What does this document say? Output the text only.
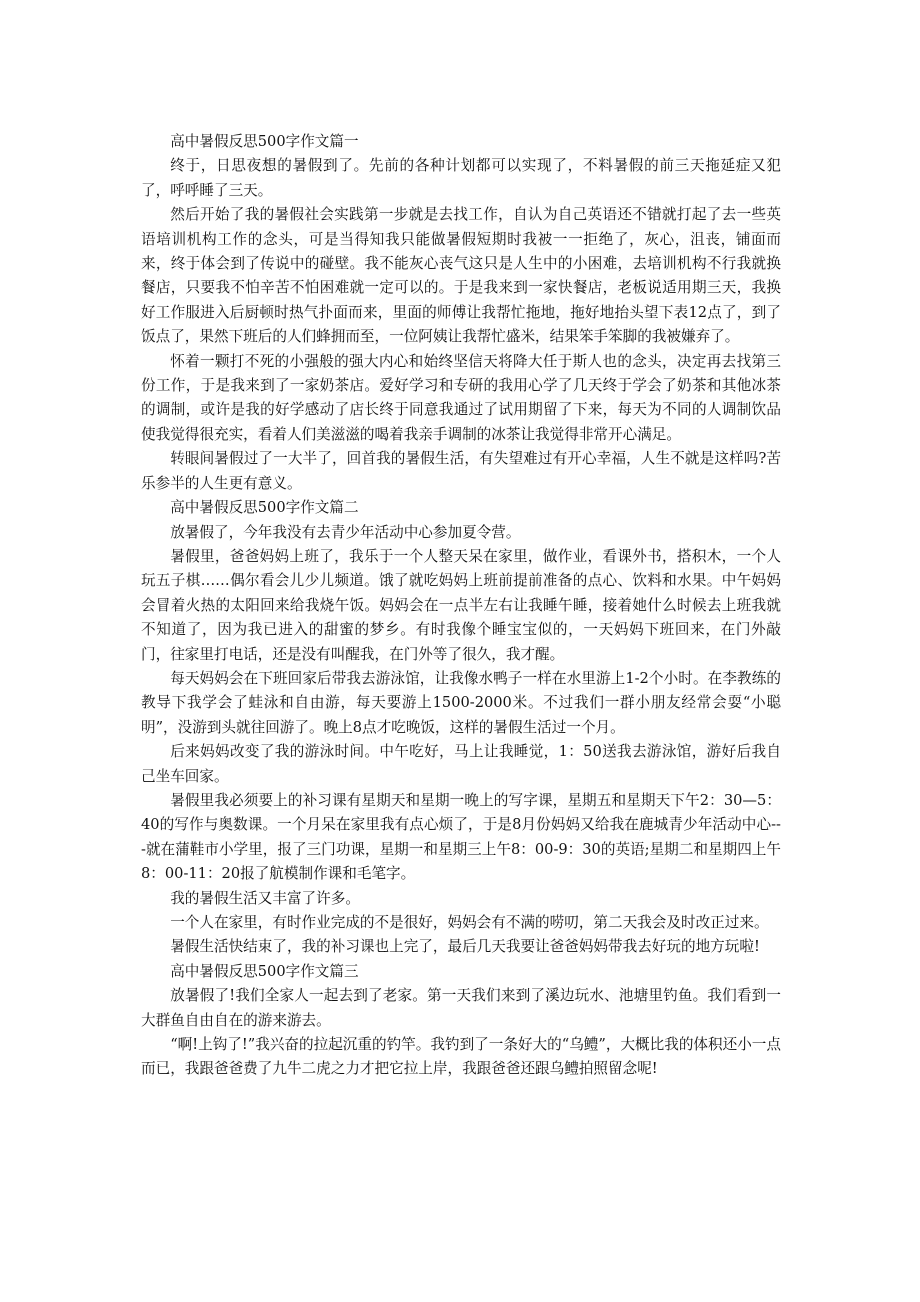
高中暑假反思500字作文篇一

终于，日思夜想的暑假到了。先前的各种计划都可以实现了，不料暑假的前三天拖延症又犯了，呼呼睡了三天。

然后开始了我的暑假社会实践第一步就是去找工作，自认为自己英语还不错就打起了去一些英语培训机构工作的念头，可是当得知我只能做暑假短期时我被一一拒绝了，灰心，沮丧，铺面而来，终于体会到了传说中的碰壁。我不能灰心丧气这只是人生中的小困难，去培训机构不行我就换餐店，只要我不怕辛苦不怕困难就一定可以的。于是我来到一家快餐店，老板说适用期三天，我换好工作服进入后厨顿时热气扑面而来，里面的师傅让我帮忙拖地，拖好地抬头望下表12点了，到了饭点了，果然下班后的人们蜂拥而至，一位阿姨让我帮忙盛米，结果笨手笨脚的我被嫌弃了。

怀着一颗打不死的小强般的强大内心和始终坚信天将降大任于斯人也的念头，决定再去找第三份工作，于是我来到了一家奶茶店。爱好学习和专研的我用心学了几天终于学会了奶茶和其他冰茶的调制，或许是我的好学感动了店长终于同意我通过了试用期留了下来，每天为不同的人调制饮品使我觉得很充实，看着人们美滋滋的喝着我亲手调制的冰茶让我觉得非常开心满足。

转眼间暑假过了一大半了，回首我的暑假生活，有失望难过有开心幸福，人生不就是这样吗?苦乐参半的人生更有意义。

高中暑假反思500字作文篇二

放暑假了，今年我没有去青少年活动中心参加夏令营。

暑假里，爸爸妈妈上班了，我乐于一个人整天呆在家里，做作业，看课外书，搭积木，一个人玩五子棋……偶尔看会儿少儿频道。饿了就吃妈妈上班前提前准备的点心、饮料和水果。中午妈妈会冒着火热的太阳回来给我烧午饭。妈妈会在一点半左右让我睡午睡，接着她什么时候去上班我就不知道了，因为我已进入的甜蜜的梦乡。有时我像个睡宝宝似的，一天妈妈下班回来，在门外敲门，往家里打电话，还是没有叫醒我，在门外等了很久，我才醒。

每天妈妈会在下班回家后带我去游泳馆，让我像水鸭子一样在水里游上1-2个小时。在李教练的教导下我学会了蛙泳和自由游，每天要游上1500-2000米。不过我们一群小朋友经常会耍“小聪明”，没游到头就往回游了。晚上8点才吃晚饭，这样的暑假生活过一个月。

后来妈妈改变了我的游泳时间。中午吃好，马上让我睡觉，1：50送我去游泳馆，游好后我自己坐车回家。

暑假里我必须要上的补习课有星期天和星期一晚上的写字课，星期五和星期天下午2：30—5：40的写作与奥数课。一个月呆在家里我有点心烦了，于是8月份妈妈又给我在鹿城青少年活动中心---就在蒲鞋市小学里，报了三门功课，星期一和星期三上午8：00-9：30的英语;星期二和星期四上午8：00-11：20报了航模制作课和毛笔字。

我的暑假生活又丰富了许多。

一个人在家里，有时作业完成的不是很好，妈妈会有不满的唠叨，第二天我会及时改正过来。

暑假生活快结束了，我的补习课也上完了，最后几天我要让爸爸妈妈带我去好玩的地方玩啦!

高中暑假反思500字作文篇三

放暑假了!我们全家人一起去到了老家。第一天我们来到了溪边玩水、池塘里钓鱼。我们看到一大群鱼自由自在的游来游去。

“啊!上钩了!”我兴奋的拉起沉重的钓竿。我钓到了一条好大的“乌鳢”，大概比我的体积还小一点而已，我跟爸爸费了九牛二虎之力才把它拉上岸，我跟爸爸还跟乌鳢拍照留念呢!
